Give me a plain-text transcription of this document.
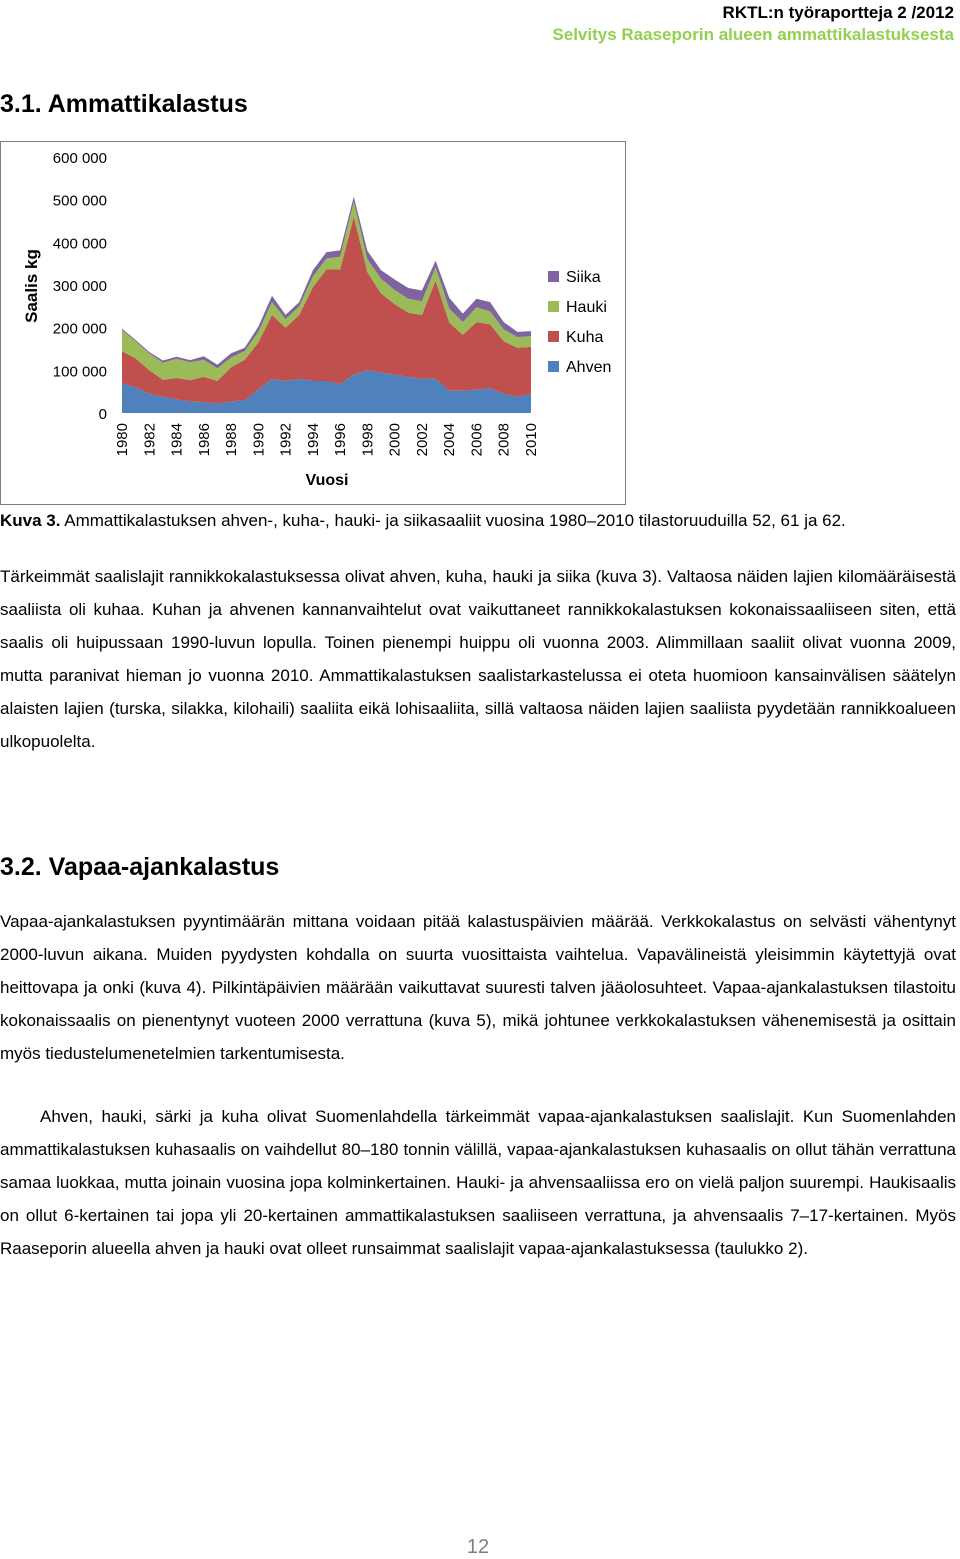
RKTL:n työraportteja 2 /2012
Selvitys Raaseporin alueen ammattikalastuksesta
3.1. Ammattikalastus
0
100 000
200 000
300 000
400 000
500 000
600 000
1980 1982 1984 1986 1988 1990 1992 1994 1996 1998 2000 2002 2004 2006 2008 2010
Saalis kg
Vuosi
Siika
Hauki
Kuha
Ahven
Kuva 3. Ammattikalastuksen ahven-, kuha-, hauki- ja siikasaaliit vuosina 1980–2010 tilastoruuduilla 52, 61 ja 62.

Tärkeimmät saalislajit rannikkokalastuksessa olivat ahven, kuha, hauki ja siika (kuva 3). Valtaosa näiden lajien kilomääräisestä saaliista oli kuhaa. Kuhan ja ahvenen kannanvaihtelut ovat vaikuttaneet rannikkokalastuksen kokonaissaaliiseen siten, että saalis oli huipussaan 1990-luvun lopulla. Toinen pienempi huippu oli vuonna 2003. Alimmillaan saaliit olivat vuonna 2009, mutta paranivat hieman jo vuonna 2010. Ammattikalastuksen saalistarkastelussa ei oteta huomioon kansainvälisen säätelyn alaisten lajien (turska, silakka, kilohaili) saaliita eikä lohisaaliita, sillä valtaosa näiden lajien saaliista pyydetään rannikkoalueen ulkopuolelta.

3.2. Vapaa-ajankalastus

Vapaa-ajankalastuksen pyyntimäärän mittana voidaan pitää kalastuspäivien määrää. Verkkokalastus on selvästi vähentynyt 2000-luvun aikana. Muiden pyydysten kohdalla on suurta vuosittaista vaihtelua. Vapavälineistä yleisimmin käytettyjä ovat heittovapa ja onki (kuva 4). Pilkintäpäivien määrään vaikuttavat suuresti talven jääolosuhteet. Vapaa-ajankalastuksen tilastoitu kokonaissaalis on pienentynyt vuoteen 2000 verrattuna (kuva 5), mikä johtunee verkkokalastuksen vähenemisestä ja osittain myös tiedustelumenetelmien tarkentumisesta.

Ahven, hauki, särki ja kuha olivat Suomenlahdella tärkeimmät vapaa-ajankalastuksen saalislajit. Kun Suomenlahden ammattikalastuksen kuhasaalis on vaihdellut 80–180 tonnin välillä, vapaa-ajankalastuksen kuhasaalis on ollut tähän verrattuna samaa luokkaa, mutta joinain vuosina jopa kolminkertainen. Hauki- ja ahvensaaliissa ero on vielä paljon suurempi. Haukisaalis on ollut 6-kertainen tai jopa yli 20-kertainen ammattikalastuksen saaliiseen verrattuna, ja ahvensaalis 7–17-kertainen. Myös Raaseporin alueella ahven ja hauki ovat olleet runsaimmat saalislajit vapaa-ajankalastuksessa (taulukko 2).

12
